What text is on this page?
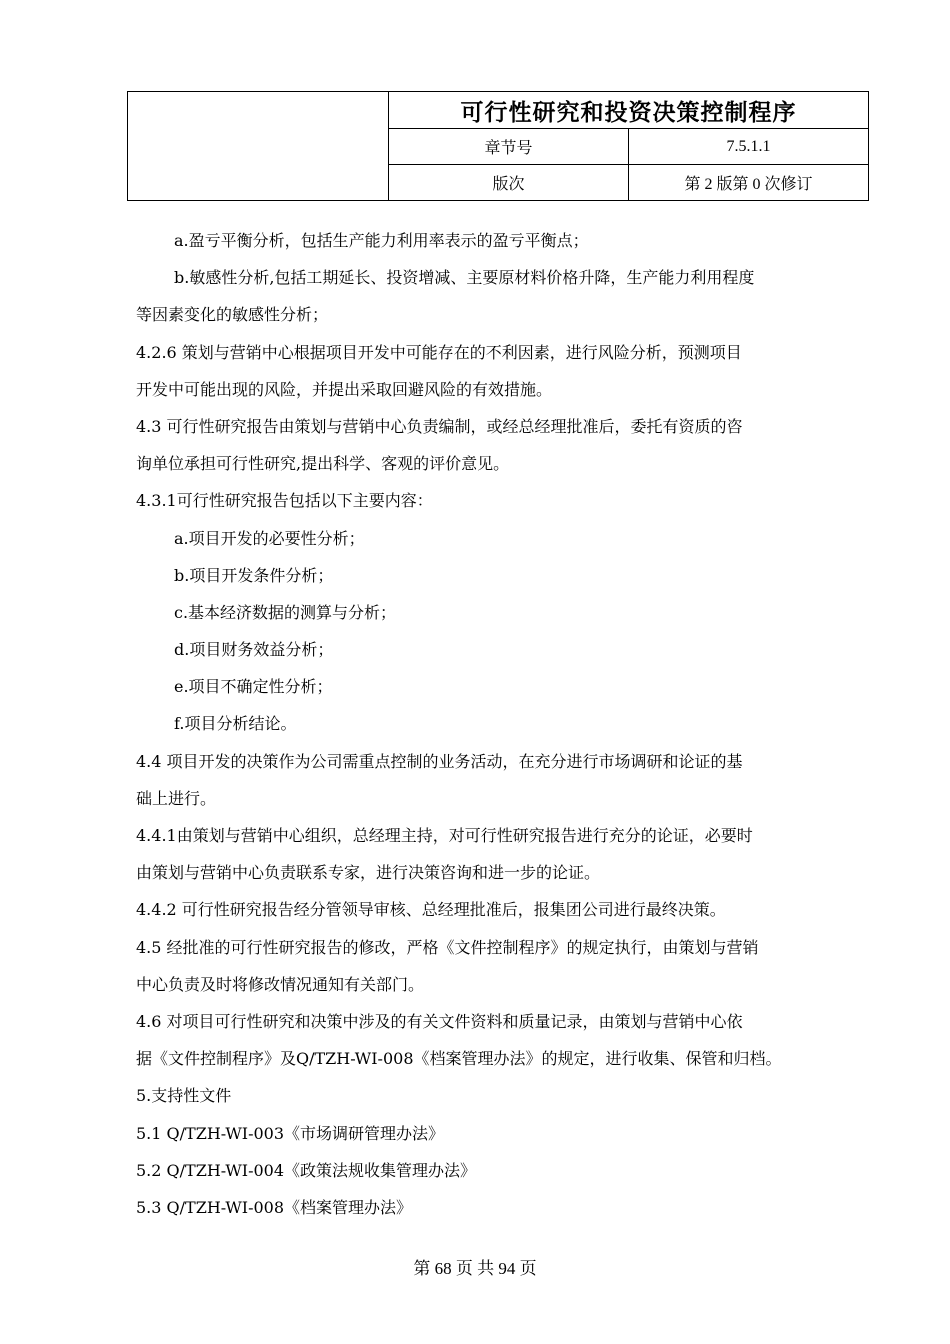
	可行性研究和投资决策控制程序	
	章节号	7.5.1.1
	版次	第 2 版第 0 次修订
a.盈亏平衡分析，包括生产能力利用率表示的盈亏平衡点；
b.敏感性分析,包括工期延长、投资增减、主要原材料价格升降，生产能力利用程度
等因素变化的敏感性分析；
4.2.6 策划与营销中心根据项目开发中可能存在的不利因素，进行风险分析，预测项目
开发中可能出现的风险，并提出采取回避风险的有效措施。
4.3 可行性研究报告由策划与营销中心负责编制，或经总经理批准后，委托有资质的咨
询单位承担可行性研究,提出科学、客观的评价意见。
4.3.1可行性研究报告包括以下主要内容：
a.项目开发的必要性分析；
b.项目开发条件分析；
c.基本经济数据的测算与分析；
d.项目财务效益分析；
e.项目不确定性分析；
f.项目分析结论。
4.4 项目开发的决策作为公司需重点控制的业务活动，在充分进行市场调研和论证的基
础上进行。
4.4.1由策划与营销中心组织，总经理主持，对可行性研究报告进行充分的论证，必要时
由策划与营销中心负责联系专家，进行决策咨询和进一步的论证。
4.4.2 可行性研究报告经分管领导审核、总经理批准后，报集团公司进行最终决策。
4.5 经批准的可行性研究报告的修改，严格《文件控制程序》的规定执行，由策划与营销
中心负责及时将修改情况通知有关部门。
4.6 对项目可行性研究和决策中涉及的有关文件资料和质量记录，由策划与营销中心依
据《文件控制程序》及Q/TZH-WI-008《档案管理办法》的规定，进行收集、保管和归档。
5.支持性文件
5.1 Q/TZH-WI-003《市场调研管理办法》
5.2 Q/TZH-WI-004《政策法规收集管理办法》
5.3 Q/TZH-WI-008《档案管理办法》
第 68 页 共 94 页
